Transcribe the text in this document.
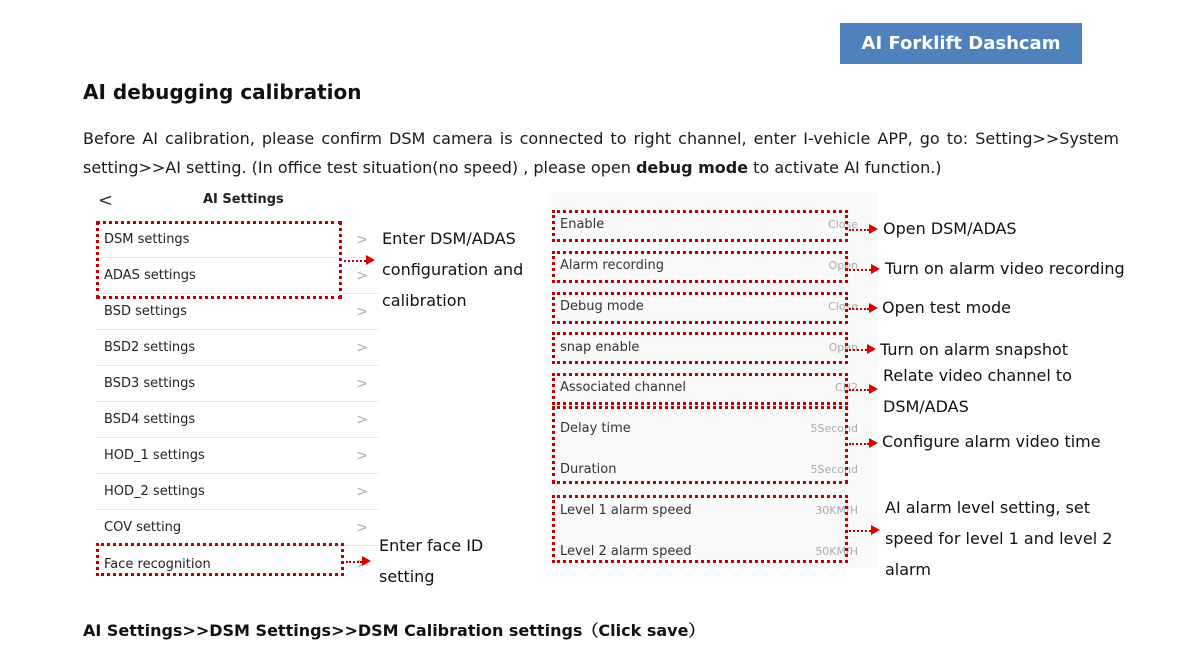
AI Forklift Dashcam
AI debugging calibration
Before AI calibration, please confirm DSM camera is connected to right channel, enter I-vehicle APP, go to: Setting>>System
setting>>AI setting. (In office test situation(no speed) , please open debug mode to activate AI function.)
<	AI Settings
DSM settings	>
ADAS settings	>
BSD settings	>
BSD2 settings	>
BSD3 settings	>
BSD4 settings	>
HOD_1 settings	>
HOD_2 settings	>
COV setting	>
Face recognition	>
Enter DSM/ADAS
configuration and
calibration
Enter face ID
setting
Enable	Close
Alarm recording	Open
Debug mode	Close
snap enable	Open
Associated channel	CH2
Delay time	5Second
Duration	5Second
Level 1 alarm speed	30KM/H
Level 2 alarm speed	50KM/H
Open DSM/ADAS
Turn on alarm video recording
Open test mode
Turn on alarm snapshot
Relate video channel to
DSM/ADAS
Configure alarm video time
AI alarm level setting, set
speed for level 1 and level 2
alarm
AI Settings>>DSM Settings>>DSM Calibration settings（Click save）
